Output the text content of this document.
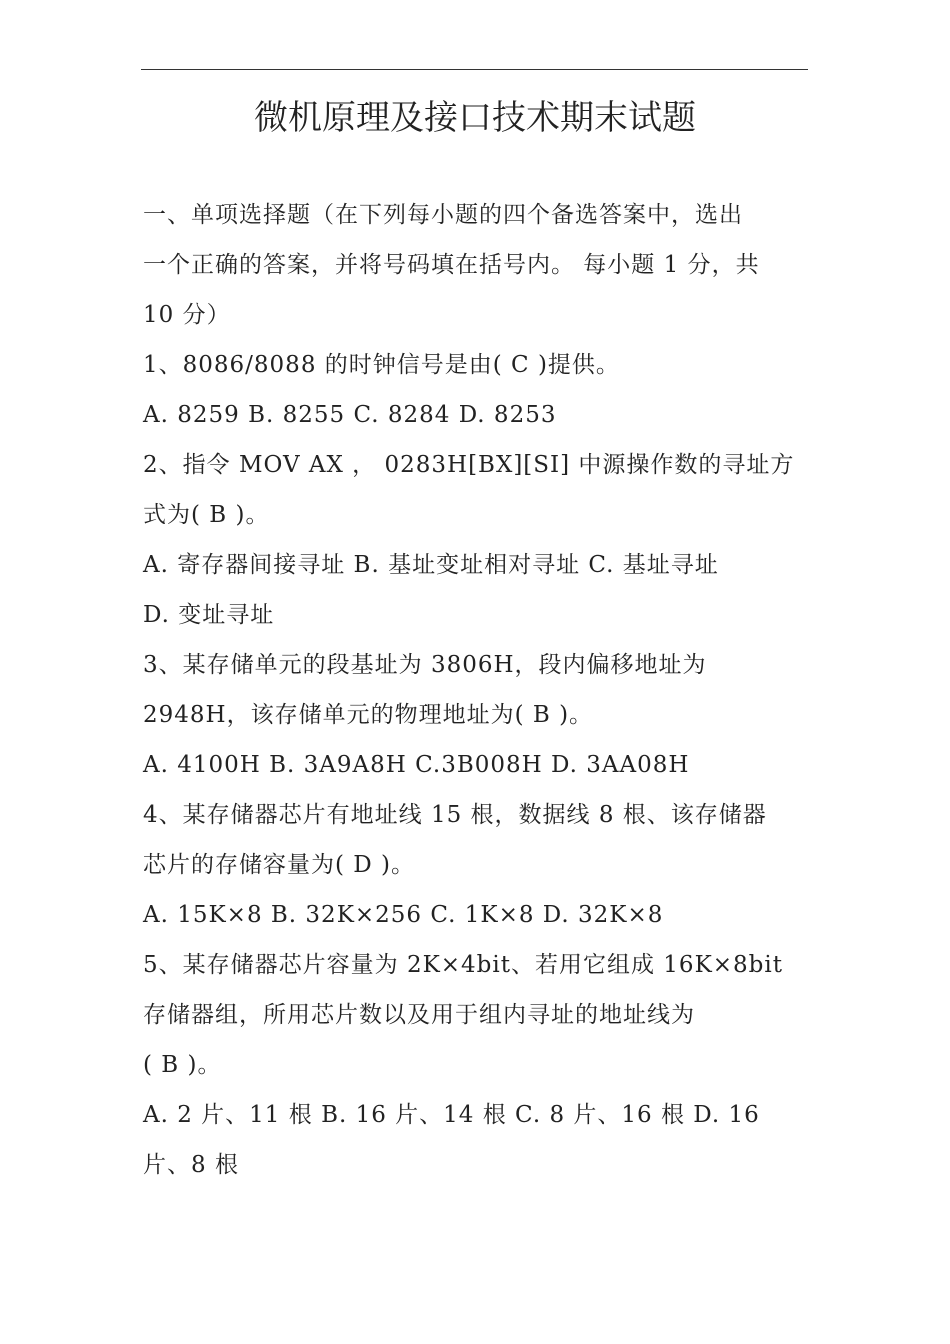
微机原理及接口技术期末试题
一、单项选择题（在下列每小题的四个备选答案中，选出
一个正确的答案，并将号码填在括号内。 每小题 1 分，共
10 分）
1、8086/8088 的时钟信号是由( C )提供。
A. 8259 B. 8255 C. 8284 D. 8253
2、指令 MOV AX ， 0283H[BX][SI] 中源操作数的寻址方
式为( B )。
A. 寄存器间接寻址 B. 基址变址相对寻址 C. 基址寻址
D. 变址寻址
3、某存储单元的段基址为 3806H，段内偏移地址为
2948H，该存储单元的物理地址为( B )。
A. 4100H B. 3A9A8H C.3B008H D. 3AA08H
4、某存储器芯片有地址线 15 根，数据线 8 根、该存储器
芯片的存储容量为( D )。
A. 15K×8 B. 32K×256 C. 1K×8 D. 32K×8
5、某存储器芯片容量为 2K×4bit、若用它组成 16K×8bit
存储器组，所用芯片数以及用于组内寻址的地址线为
( B )。
A. 2 片、11 根 B. 16 片、14 根 C. 8 片、16 根 D. 16
片、8 根
